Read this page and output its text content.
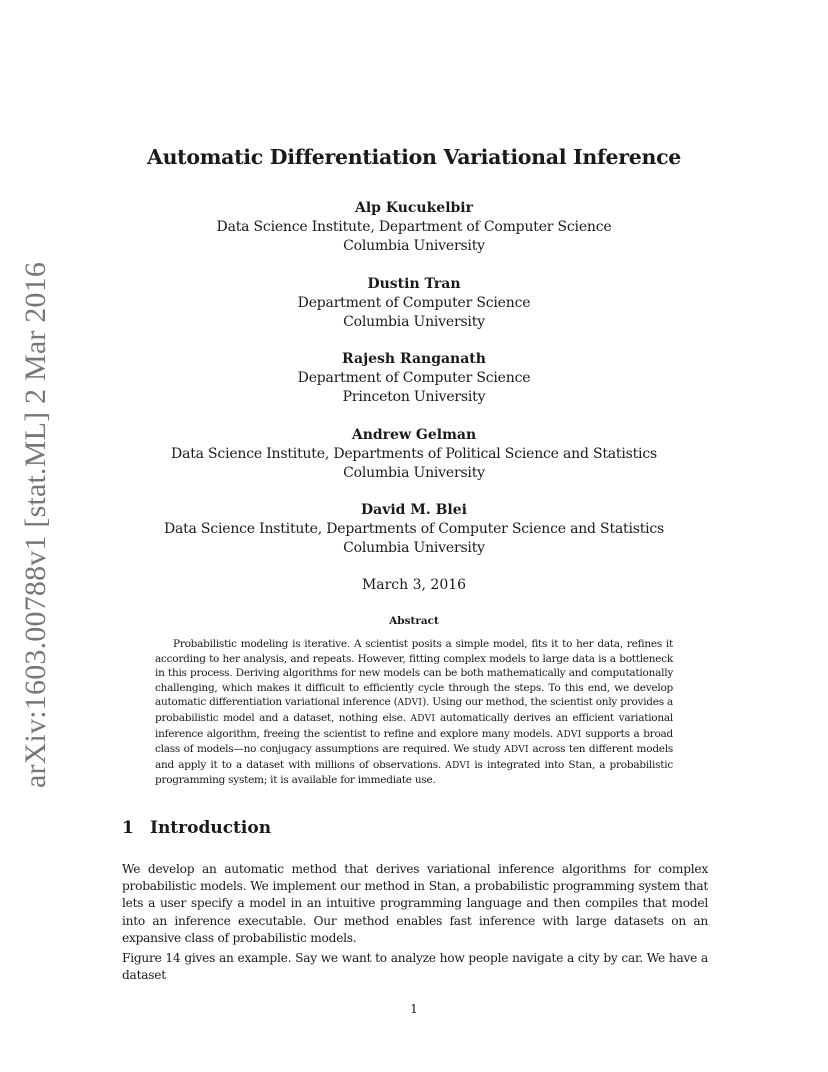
arXiv:1603.00788v1 [stat.ML] 2 Mar 2016
Automatic Differentiation Variational Inference
Alp Kucukelbir
Data Science Institute, Department of Computer Science
Columbia University
Dustin Tran
Department of Computer Science
Columbia University
Rajesh Ranganath
Department of Computer Science
Princeton University
Andrew Gelman
Data Science Institute, Departments of Political Science and Statistics
Columbia University
David M. Blei
Data Science Institute, Departments of Computer Science and Statistics
Columbia University
March 3, 2016
Abstract
Probabilistic modeling is iterative. A scientist posits a simple model, fits it to her data, refines it according to her analysis, and repeats. However, fitting complex models to large data is a bottleneck in this process. Deriving algorithms for new models can be both mathematically and computationally challenging, which makes it difficult to efficiently cycle through the steps. To this end, we develop automatic differentiation variational inference (ADVI). Using our method, the scientist only provides a probabilistic model and a dataset, nothing else. ADVI automatically derives an efficient variational inference algorithm, freeing the scientist to refine and explore many models. ADVI supports a broad class of models—no conjugacy assumptions are required. We study ADVI across ten different models and apply it to a dataset with millions of observations. ADVI is integrated into Stan, a probabilistic programming system; it is available for immediate use.
1 Introduction
We develop an automatic method that derives variational inference algorithms for complex probabilistic models. We implement our method in Stan, a probabilistic programming system that lets a user specify a model in an intuitive programming language and then compiles that model into an inference executable. Our method enables fast inference with large datasets on an expansive class of probabilistic models.
Figure 14 gives an example. Say we want to analyze how people navigate a city by car. We have a dataset
1
